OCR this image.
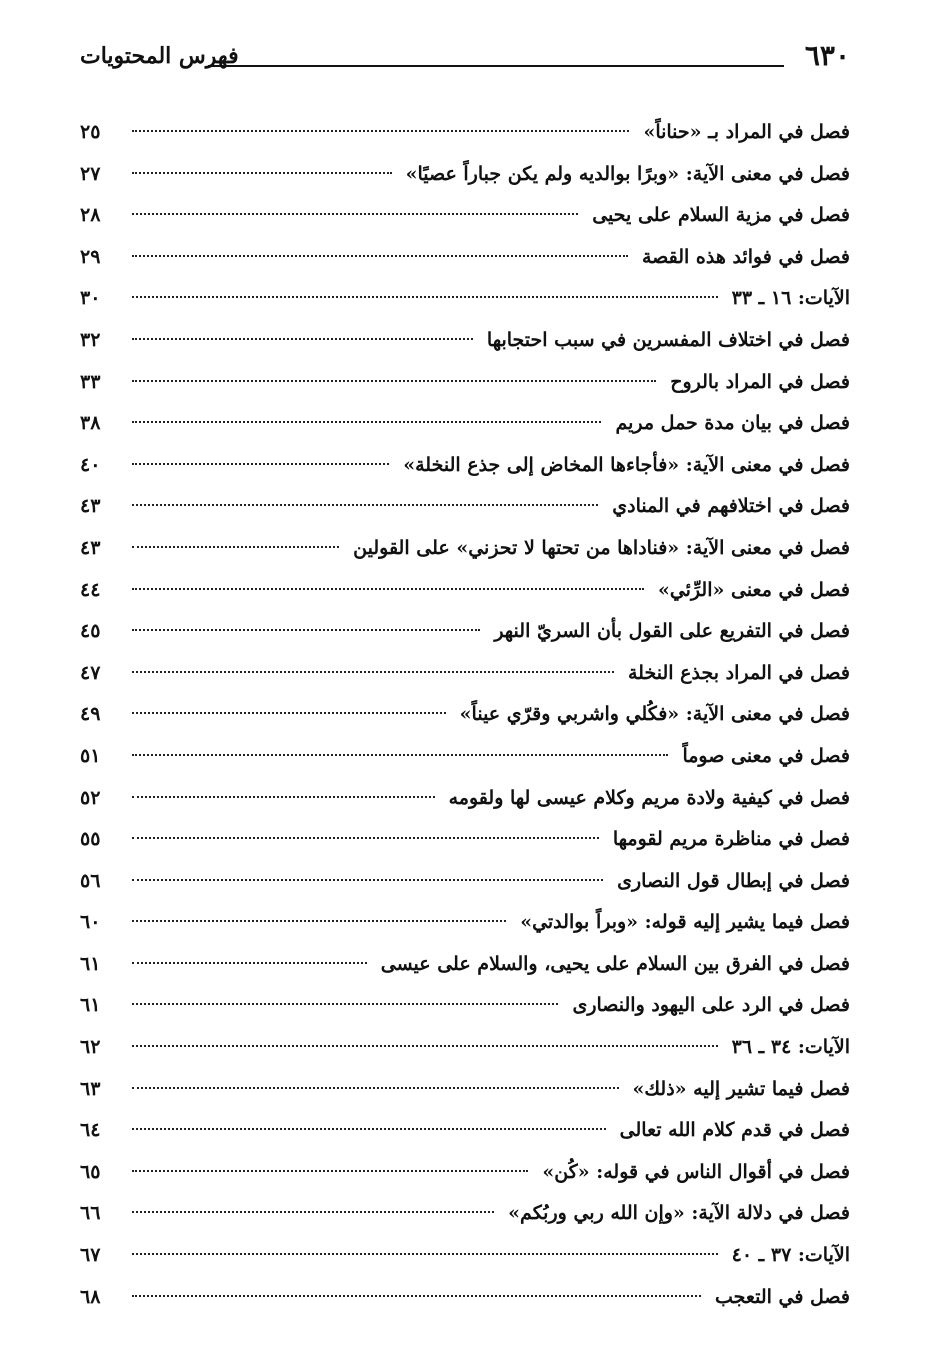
٦٣٠
فهرس المحتويات
فصل في المراد بـ «حناناً»
٢٥
فصل في معنى الآية: «وبرًا بوالديه ولم يكن جباراً عصيًا»
٢٧
فصل في مزية السلام على يحيى
٢٨
فصل في فوائد هذه القصة
٢٩
الآيات: ١٦ ـ ٣٣
٣٠
فصل في اختلاف المفسرين في سبب احتجابها
٣٢
فصل في المراد بالروح
٣٣
فصل في بيان مدة حمل مريم
٣٨
فصل في معنى الآية: «فأجاءها المخاض إلى جذع النخلة»
٤٠
فصل في اختلافهم في المنادي
٤٣
فصل في معنى الآية: «فناداها من تحتها لا تحزني» على القولين
٤٣
فصل في معنى «الرِّئي»
٤٤
فصل في التفريع على القول بأن السريّ النهر
٤٥
فصل في المراد بجذع النخلة
٤٧
فصل في معنى الآية: «فكُلي واشربي وقرّي عيناً»
٤٩
فصل في معنى صوماً
٥١
فصل في كيفية ولادة مريم وكلام عيسى لها ولقومه
٥٢
فصل في مناظرة مريم لقومها
٥٥
فصل في إبطال قول النصارى
٥٦
فصل فيما يشير إليه قوله: «وبراً بوالدتي»
٦٠
فصل في الفرق بين السلام على يحيى، والسلام على عيسى
٦١
فصل في الرد على اليهود والنصارى
٦١
الآيات: ٣٤ ـ ٣٦
٦٢
فصل فيما تشير إليه «ذلك»
٦٣
فصل في قدم كلام الله تعالى
٦٤
فصل في أقوال الناس في قوله: «كُن»
٦٥
فصل في دلالة الآية: «وإن الله ربي وربُكم»
٦٦
الآيات: ٣٧ ـ ٤٠
٦٧
فصل في التعجب
٦٨
